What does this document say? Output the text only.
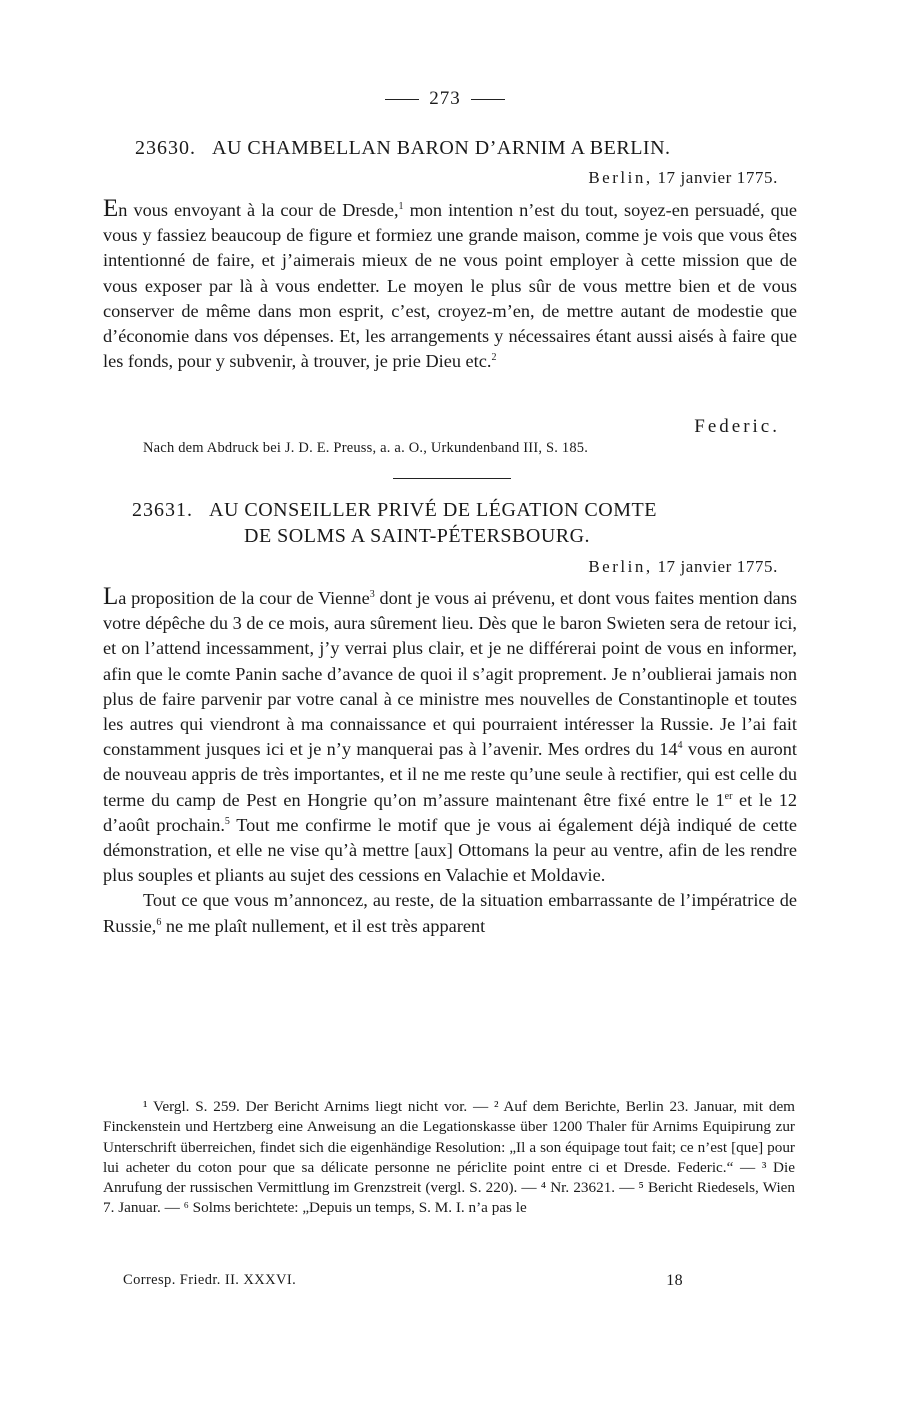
273
23630. AU CHAMBELLAN BARON D’ARNIM A BERLIN.
Berlin, 17 janvier 1775.

En vous envoyant à la cour de Dresde,$^1$ mon intention n’est du tout, soyez-en persuadé, que vous y fassiez beaucoup de figure et formiez une grande maison, comme je vois que vous êtes intentionné de faire, et j’aimerais mieux de ne vous point employer à cette mission que de vous exposer par là à vous endetter. Le moyen le plus sûr de vous mettre bien et de vous conserver de même dans mon esprit, c’est, croyez-m’en, de mettre autant de modestie que d’économie dans vos dépenses. Et, les arrangements y nécessaires étant aussi aisés à faire que les fonds, pour y subvenir, à trouver, je prie Dieu etc.$^2$

Federic.
Nach dem Abdruck bei J. D. E. Preuss, a. a. O., Urkundenband III, S. 185.
23631. AU CONSEILLER PRIVÉ DE LÉGATION COMTE
DE SOLMS A SAINT-PÉTERSBOURG.
Berlin, 17 janvier 1775.

La proposition de la cour de Vienne$^3$ dont je vous ai prévenu, et dont vous faites mention dans votre dépêche du 3 de ce mois, aura sûrement lieu. Dès que le baron Swieten sera de retour ici, et on l’attend incessamment, j’y verrai plus clair, et je ne différerai point de vous en informer, afin que le comte Panin sache d’avance de quoi il s’agit proprement. Je n’oublierai jamais non plus de faire parvenir par votre canal à ce ministre mes nouvelles de Constantinople et toutes les autres qui viendront à ma connaissance et qui pourraient intéresser la Russie. Je l’ai fait constamment jusques ici et je n’y manquerai pas à l’avenir. Mes ordres du $14^4$ vous en auront de nouveau appris de très importantes, et il ne me reste qu’une seule à rectifier, qui est celle du terme du camp de Pest en Hongrie qu’on m’assure maintenant être fixé entre le 1er et le 12 d’août prochain.$^5$ Tout me confirme le motif que je vous ai également déjà indiqué de cette démonstration, et elle ne vise qu’à mettre [aux] Ottomans la peur au ventre, afin de les rendre plus souples et pliants au sujet des cessions en Valachie et Moldavie.

Tout ce que vous m’annoncez, au reste, de la situation embarrassante de l’impératrice de Russie,$^6$ ne me plaît nullement, et il est très apparent

¹ Vergl. S. 259. Der Bericht Arnims liegt nicht vor. — ² Auf dem Berichte, Berlin 23. Januar, mit dem Finckenstein und Hertzberg eine Anweisung an die Legationskasse über 1200 Thaler für Arnims Equipirung zur Unterschrift überreichen, findet sich die eigenhändige Resolution: „Il a son équipage tout fait; ce n’est [que] pour lui acheter du coton pour que sa délicate personne ne périclite point entre ci et Dresde. Federic.“ — ³ Die Anrufung der russischen Vermittlung im Grenzstreit (vergl. S. 220). — ⁴ Nr. 23621. — ⁵ Bericht Riedesels, Wien 7. Januar. — ⁶ Solms berichtete: „Depuis un temps, S. M. I. n’a pas le

Corresp. Friedr. II. XXXVI.	18
